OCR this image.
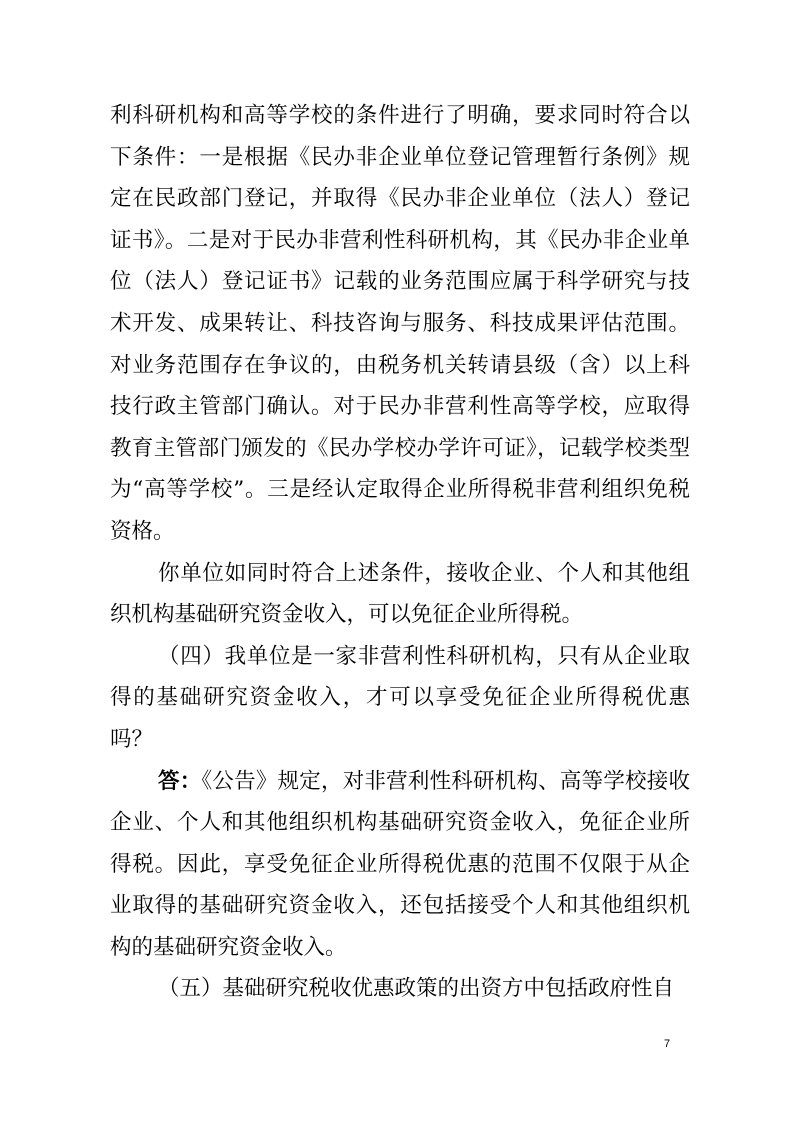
利科研机构和高等学校的条件进行了明确，要求同时符合以下条件：一是根据《民办非企业单位登记管理暂行条例》规定在民政部门登记，并取得《民办非企业单位（法人）登记证书》。二是对于民办非营利性科研机构，其《民办非企业单位（法人）登记证书》记载的业务范围应属于科学研究与技术开发、成果转让、科技咨询与服务、科技成果评估范围。对业务范围存在争议的，由税务机关转请县级（含）以上科技行政主管部门确认。对于民办非营利性高等学校，应取得教育主管部门颁发的《民办学校办学许可证》，记载学校类型为“高等学校”。三是经认定取得企业所得税非营利组织免税资格。

你单位如同时符合上述条件，接收企业、个人和其他组织机构基础研究资金收入，可以免征企业所得税。

（四）我单位是一家非营利性科研机构，只有从企业取得的基础研究资金收入，才可以享受免征企业所得税优惠吗？

答：《公告》规定，对非营利性科研机构、高等学校接收企业、个人和其他组织机构基础研究资金收入，免征企业所得税。因此，享受免征企业所得税优惠的范围不仅限于从企业取得的基础研究资金收入，还包括接受个人和其他组织机构的基础研究资金收入。

（五）基础研究税收优惠政策的出资方中包括政府性自

7
